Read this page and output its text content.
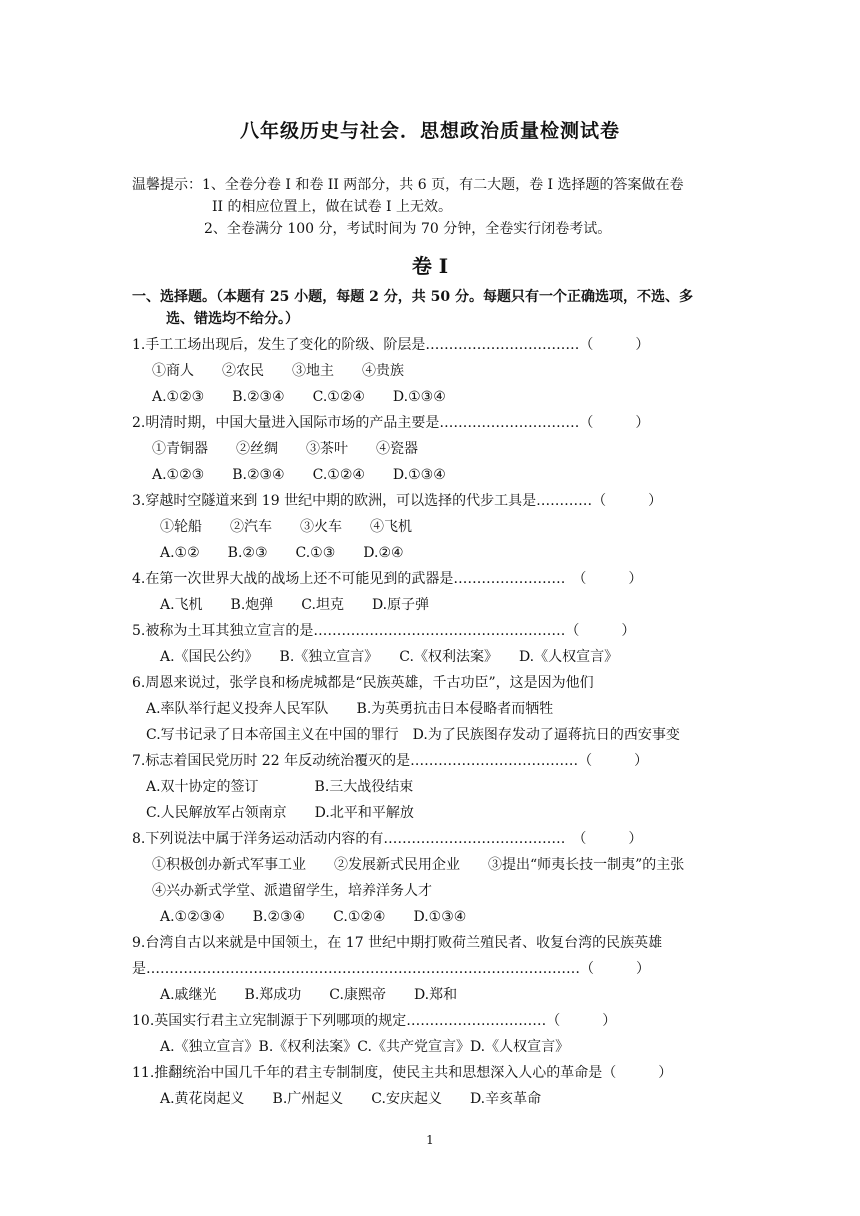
八年级历史与社会．思想政治质量检测试卷
温馨提示：1、全卷分卷 I 和卷 II 两部分，共 6 页，有二大题，卷 I 选择题的答案做在卷
II 的相应位置上，做在试卷 I 上无效。
2、全卷满分 100 分，考试时间为 70 分钟，全卷实行闭卷考试。
卷 I
一、选择题。（本题有 25 小题，每题 2 分，共 50 分。每题只有一个正确选项，不选、多
选、错选均不给分。）
1.手工工场出现后，发生了变化的阶级、阶层是……………………………（　　　）
①商人　　②农民　　③地主　　④贵族
A.①②③　　B.②③④　　C.①②④　　D.①③④
2.明清时期，中国大量进入国际市场的产品主要是…………………………（　　　）
①青铜器　　②丝绸　　③茶叶　　④瓷器
A.①②③　　B.②③④　　C.①②④　　D.①③④
3.穿越时空隧道来到 19 世纪中期的欧洲，可以选择的代步工具是…………（　　　）
①轮船　　②汽车　　③火车　　④飞机
A.①②　　B.②③　　C.①③　　D.②④
4.在第一次世界大战的战场上还不可能见到的武器是……………………　（　　　）
A.飞机　　B.炮弹　　C.坦克　　D.原子弹
5.被称为土耳其独立宣言的是………………………………………………（　　　）
A.《国民公约》　　B.《独立宣言》　　C.《权利法案》　　D.《人权宣言》
6.周恩来说过，张学良和杨虎城都是“民族英雄，千古功臣”，这是因为他们
A.率队举行起义投奔人民军队　　B.为英勇抗击日本侵略者而牺牲
C.写书记录了日本帝国主义在中国的罪行　D.为了民族图存发动了逼蒋抗日的西安事变
7.标志着国民党历时 22 年反动统治覆灭的是………………………………（　　　）
A.双十协定的签订　　　　B.三大战役结束
C.人民解放军占领南京　　D.北平和平解放
8.下列说法中属于洋务运动活动内容的有…………………………………　（　　　）
①积极创办新式军事工业　　②发展新式民用企业　　③提出“师夷长技一制夷”的主张
④兴办新式学堂、派遣留学生，培养洋务人才
A.①②③④　　B.②③④　　C.①②④　　D.①③④
9.台湾自古以来就是中国领土，在 17 世纪中期打败荷兰殖民者、收复台湾的民族英雄
是…………………………………………………………………………………（　　　）
A.戚继光　　B.郑成功　　C.康熙帝　　D.郑和
10.英国实行君主立宪制源于下列哪项的规定…………………………（　　　）
A.《独立宣言》B.《权利法案》C.《共产党宣言》D.《人权宣言》
11.推翻统治中国几千年的君主专制制度，使民主共和思想深入人心的革命是（　　　）
A.黄花岗起义　　B.广州起义　　C.安庆起义　　D.辛亥革命
1
